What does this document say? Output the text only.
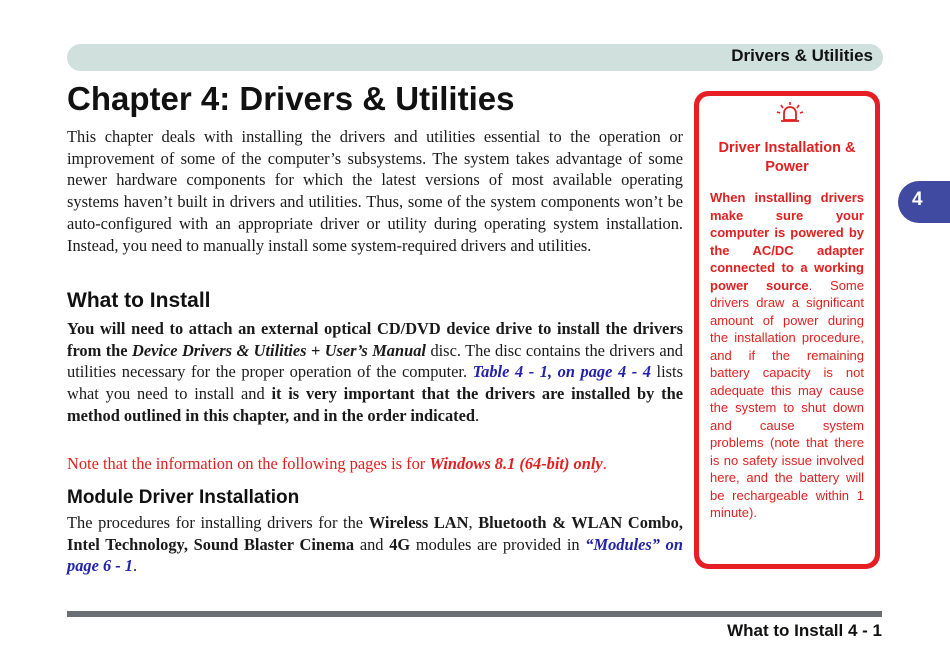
Drivers & Utilities
Chapter 4: Drivers & Utilities

This chapter deals with installing the drivers and utilities essential to the operation or improvement of some of the computer’s subsystems. The system takes advantage of some newer hardware components for which the latest versions of most available operating systems haven’t built in drivers and utilities. Thus, some of the system components won’t be auto-configured with an appropriate driver or utility during operating system installation. Instead, you need to manually install some system-required drivers and utilities.

What to Install

You will need to attach an external optical CD/DVD device drive to install the drivers from the Device Drivers & Utilities + User’s Manual disc. The disc contains the drivers and utilities necessary for the proper operation of the computer. Table 4 - 1, on page 4 - 4 lists what you need to install and it is very important that the drivers are installed by the method outlined in this chapter, and in the order indicated.

Note that the information on the following pages is for Windows 8.1 (64-bit) only.

Module Driver Installation

The procedures for installing drivers for the Wireless LAN, Bluetooth & WLAN Combo, Intel Technology, Sound Blaster Cinema and 4G modules are provided in “Modules” on page 6 - 1.

Driver Installation & Power

When installing drivers make sure your computer is powered by the AC/DC adapter connected to a working power source. Some drivers draw a significant amount of power during the installation procedure, and if the remaining battery capacity is not adequate this may cause the system to shut down and cause system problems (note that there is no safety issue involved here, and the battery will be rechargeable within 1 minute).

4
What to Install 4 - 1
